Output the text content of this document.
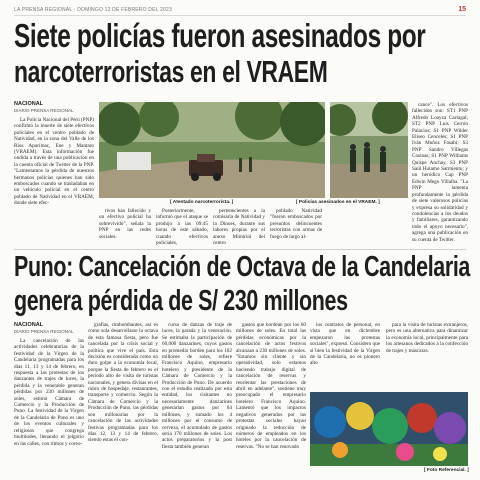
LA PRENSA REGIONAL · DOMINGO 12 DE FEBRERO DEL 2023	15
Siete policías fueron asesinados por
narcoterroristas en el VRAEM
NACIONAL
DIARIO PRENSA REGIONAL

La Policía Nacional del Perú (PNP) confirmó la muerte de siete efectivos policiales en el centro poblado de Natividad, en la zona del Valle de los Ríos Apurímac, Ene y Mantaro (VRAEM). Esta información fue ondida a través de una publicación en la cuenta oficial de Twitter de la PNP. "Lamentamos la pérdida de nuestros hermanos policías quienes han sido emboscados cuando se trasladaban en un vehículo policial en el centro poblado de Natividad en el VRAEM, donde siete efec-	[ Atentado narcoterrorista. ]	[ Policías asesinados en el VRAEM. ]

tivos han fallecido y un efectivo policial ha sobrevivido", señala la PNP en las redes sociales.

Posteriormente, informó que el ataque se produjo a las 09:45 horas de este sábado, cuando efectivos policiales,

pertenecientes a la comisaría de Natividad y la Dinoes, durante sus labores propias por el anexo Mimirini del centro

poblado Natividad "fueron emboscados por presuntos delincuentes terroristas con armas de fuego de largo al-

cance". Los efectivos fallecidos son: ST1 PNP Alfredo Loayza Cartagal; ST2 PNP Luis Cerrón Palacios; S1 PNP Wilder Eliseo Cenceles; S1 PNP Iván Muñoz Fasabi; S3 PNP Sandro Villegas Cosinas; S1 PNP Williams Quispe Anchay, S3 PNP Saúl Hulamo Sarmiento; y un heródico Cap PNP Edwin Mego Villalba. "La PNP lamenta profundamente la pérdida de siete valerosos policías y expresa su solidaridad y condolencias a los deudos y familiares, garantizando todo el apoyo necesario", agrega una publicación en su cuenta de Twitter.

Puno: Cancelación de Octava de la Candelaria
genera pérdida de S/ 230 millones
NACIONAL
DIARIO PRENSA REGIONAL

La cancelación de las actividades celebratorias de la festividad de la Virgen de la Candelaria programadas para los días 11, 13 y 14 de febrero, en respuesta a las protestas de los danzantes de trajes de luces, la pérdida y la venerable generan pérdidas por 230 millones de soles, estimó Cámara de Comercio y la Producción de Puno. La festividad de la Virgen de la Candelaria de Puno es uno de los eventos culturales y religiosos que congrega multitudes, llenando el jolgorio en las calles, con ritmos y coreo-

grafías, rimbombantes, así es como sola desarrollarse la octava de esta famosa fiesta, pero fue cancelada por la crisis social y política que vive el país. Esta decisión es considerada como un duro golpe a la economía local, porque la fiesta de febrero es el periodo alto de visita de turistas nacionales, y genera divisas en el rubro de hospedaje, restaurantes, transporte y comercio. Según la Cámara de Comercio y la Producción de Puno, las pérdidas son millonarias por la cancelación de las actividades festivas programadas para los días 12, 13 y 14 de febrero, siendo estas el con-

curso de danzas de traje de luces, la parada y la veneración. Se estimaba la participación de 60,000 danzarines, cuyos gastos en promedio borden para los 102 millones de soles, refiere Francisco Aquino, empresario hotelero y presidente de la Cámara de Comercio y la Producción de Puno. De acuerdo con el estudio realizado por esta entidad, los visitantes no necesariamente danzarines generarían gastos por 64 millones, y sumado los 4 millones por el consumo de cerveza, el acumulado de gastos sería 170 millones de soles. Los actos preparatorios y la post fiesta también generan

gastos que bordean por los 60 millones de soles. En total las pérdidas económicas por la cancelación de actos festivos alcanzan a 230 millones de soles. "Estamos sin cliente y sin operatividad, solo estamos haciendo trabajo digital de cancelación de reservas y reorientar las prestaciones de abril en adelante", sostiene muy preocupado el empresario hotelero Francisco Aquino. Lamentó que los impactos negativos generados por las protestas sociales hayan originado la reducción de números de empleados en los hoteles por la cancelación de reservas. "No se han renovado

los contratos de personal, en vista que en diciembre empezaron las protestas sociales", expresó. Considero que si bien la festividad de la Virgen de la Candelaria, no es pionero alto

para la visita de turistas extranjeros, pero es una alternativa para dinamizar la economía local, principalmente para los artesanos dedicados a la confección de trajes y máscaras.

[ Foto Referencial. ]
